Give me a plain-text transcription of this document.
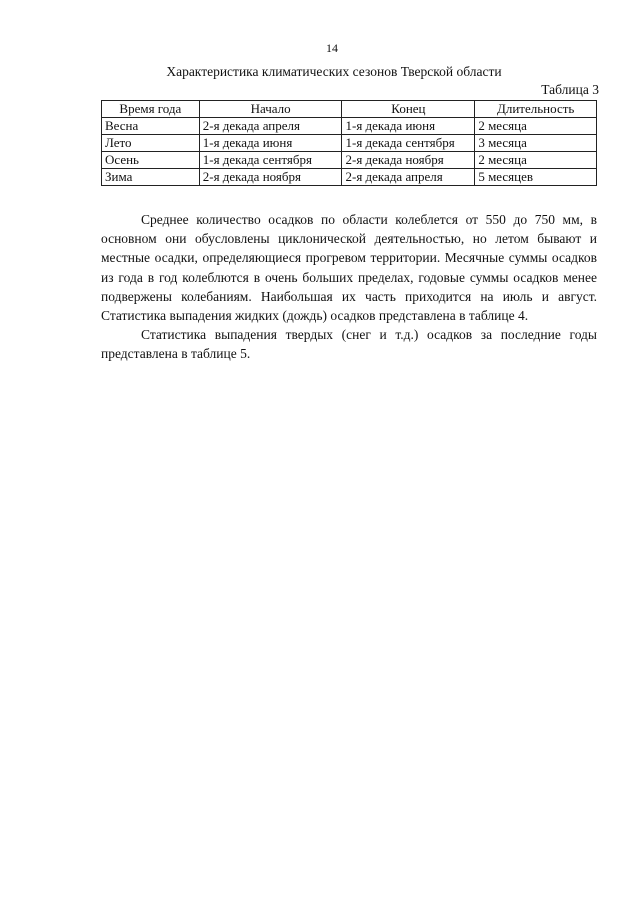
14
Характеристика климатических сезонов Тверской области
Таблица 3
Время года	Начало	Конец	Длительность
Весна	2-я декада апреля	1-я декада июня	2 месяца
Лето	1-я декада июня	1-я декада сентября	3 месяца
Осень	1-я декада сентября	2-я декада ноября	2 месяца
Зима	2-я декада ноября	2-я декада апреля	5 месяцев

Среднее количество осадков по области колеблется от 550 до 750 мм, в основном они обусловлены циклонической деятельностью, но летом бывают и местные осадки, определяющиеся прогревом территории. Месячные суммы осадков из года в год колеблются в очень больших пределах, годовые суммы осадков менее подвержены колебаниям. Наибольшая их часть приходится на июль и август. Статистика выпадения жидких (дождь) осадков представлена в таблице 4.

Статистика выпадения твердых (снег и т.д.) осадков за последние годы представлена в таблице 5.
